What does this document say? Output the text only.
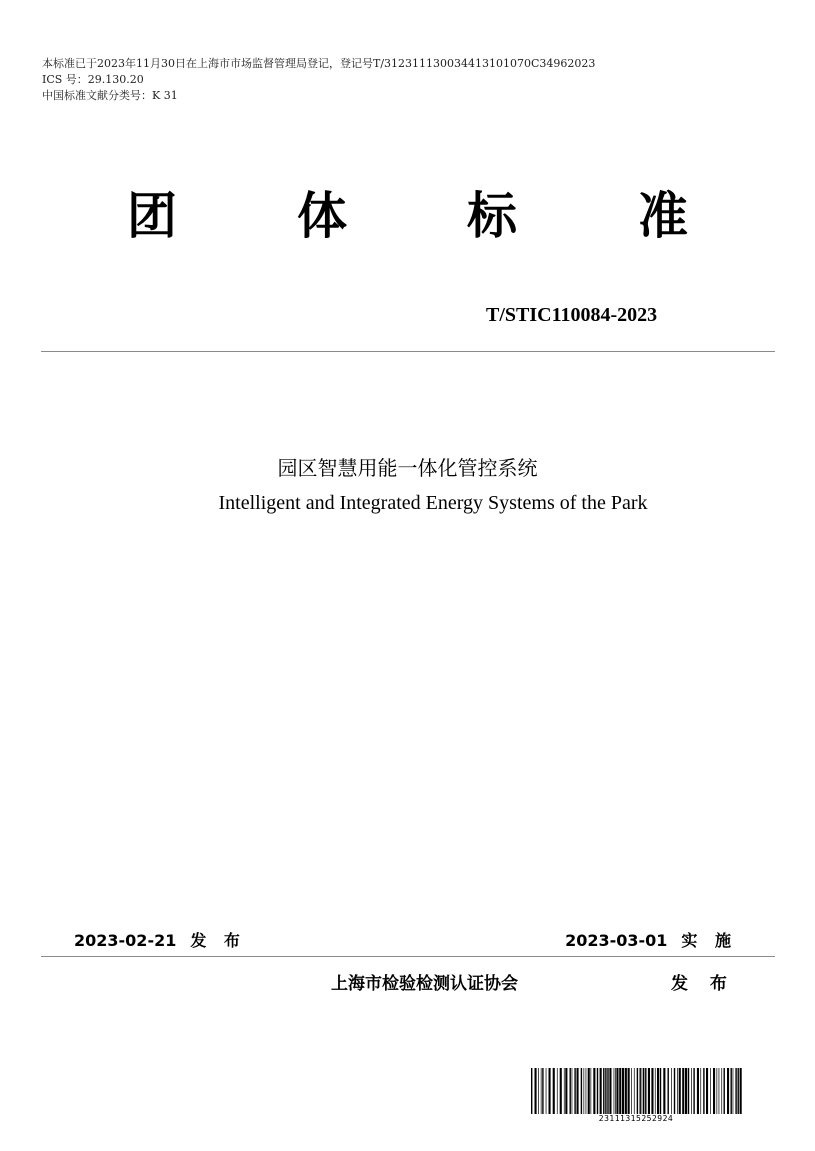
本标准已于2023年11月30日在上海市市场监督管理局登记，登记号T/312311130034413101070C34962023
ICS 号：29.130.20
中国标准文献分类号：K 31
团 体 标 准
T/STIC110084-2023
园区智慧用能一体化管控系统
Intelligent and Integrated Energy Systems of the Park
2023-02-21 发 布	2023-03-01 实 施
上海市检验检测认证协会	发 布
23111315252924
